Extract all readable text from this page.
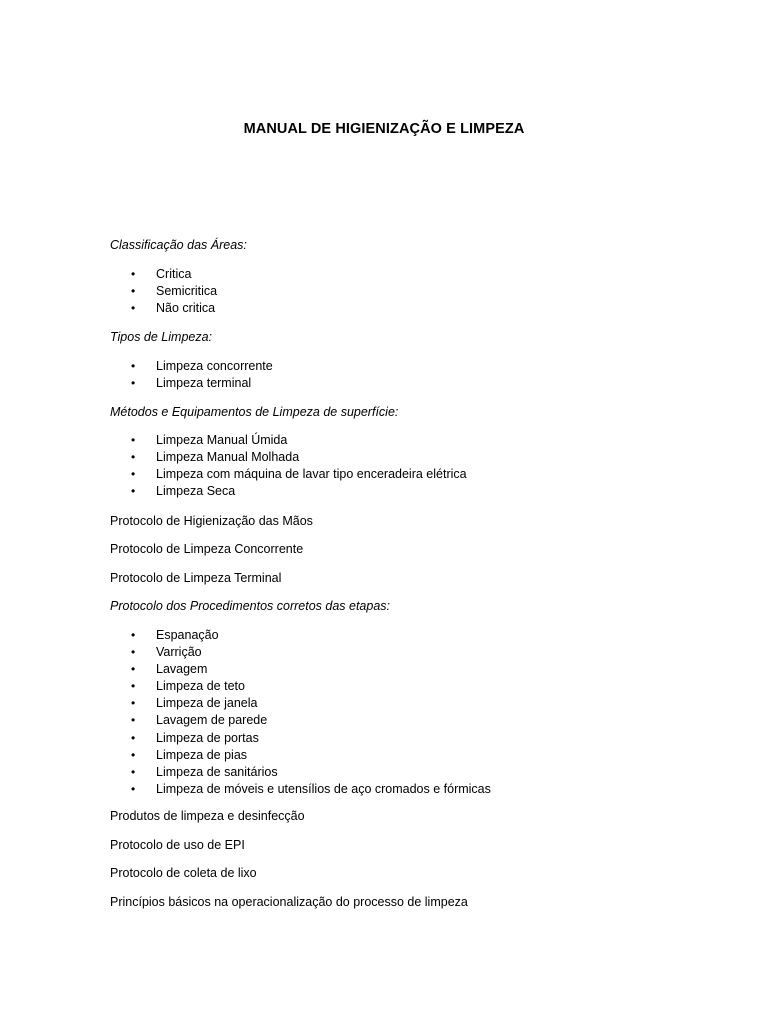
MANUAL DE HIGIENIZAÇÃO E LIMPEZA
Classificação das Áreas:
• Critica
• Semicritica
• Não critica
Tipos de Limpeza:
• Limpeza concorrente
• Limpeza terminal
Métodos e Equipamentos de Limpeza de superfície:
• Limpeza Manual Úmida
• Limpeza Manual Molhada
• Limpeza com máquina de lavar tipo enceradeira elétrica
• Limpeza Seca
Protocolo de Higienização das Mãos
Protocolo de Limpeza Concorrente
Protocolo de Limpeza Terminal
Protocolo dos Procedimentos corretos das etapas:
• Espanação
• Varrição
• Lavagem
• Limpeza de teto
• Limpeza de janela
• Lavagem de parede
• Limpeza de portas
• Limpeza de pias
• Limpeza de sanitários
• Limpeza de móveis e utensílios de aço cromados e fórmicas
Produtos de limpeza e desinfecção
Protocolo de uso de EPI
Protocolo de coleta de lixo
Princípios básicos na operacionalização do processo de limpeza
